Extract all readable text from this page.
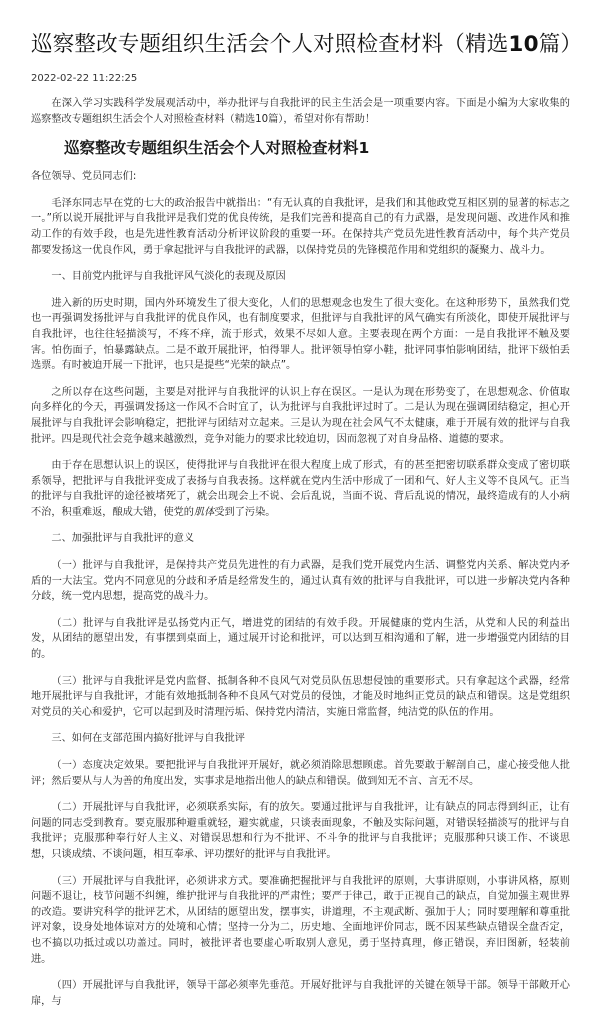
巡察整改专题组织生活会个人对照检查材料（精选10篇）
2022-02-22 11:22:25

在深入学习实践科学发展观活动中，举办批评与自我批评的民主生活会是一项重要内容。下面是小编为大家收集的巡察整改专题组织生活会个人对照检查材料（精选10篇），希望对你有帮助！

巡察整改专题组织生活会个人对照检查材料1

各位领导、党员同志们:

毛泽东同志早在党的七大的政治报告中就指出：“有无认真的自我批评，是我们和其他政党互相区别的显著的标志之一。”所以说开展批评与自我批评是我们党的优良传统，是我们完善和提高自己的有力武器，是发现问题、改进作风和推动工作的有效手段，也是先进性教育活动分析评议阶段的重要一环。在保持共产党员先进性教育活动中，每个共产党员都要发扬这一优良作风，勇于拿起批评与自我批评的武器，以保持党员的先锋模范作用和党组织的凝聚力、战斗力。

一、目前党内批评与自我批评风气淡化的表现及原因

进入新的历史时期，国内外环境发生了很大变化，人们的思想观念也发生了很大变化。在这种形势下，虽然我们党也一再强调发扬批评与自我批评的优良作风，也有制度要求，但批评与自我批评的风气确实有所淡化，即使开展批评与自我批评，也往往轻描淡写，不疼不痒，流于形式，效果不尽如人意。主要表现在两个方面：一是自我批评不触及要害。怕伤面子，怕暴露缺点。二是不敢开展批评，怕得罪人。批评领导怕穿小鞋，批评同事怕影响团结，批评下级怕丢选票。有时被迫开展一下批评，也只是提些“光荣的缺点”。

之所以存在这些问题，主要是对批评与自我批评的认识上存在误区。一是认为现在形势变了，在思想观念、价值取向多样化的今天，再强调发扬这一作风不合时宜了，认为批评与自我批评过时了。二是认为现在强调团结稳定，担心开展批评与自我批评会影响稳定，把批评与团结对立起来。三是认为现在社会风气不太健康，难于开展有效的批评与自我批评。四是现代社会竞争越来越激烈，竞争对能力的要求比较迫切，因而忽视了对自身品格、道德的要求。

由于存在思想认识上的误区，使得批评与自我批评在很大程度上成了形式，有的甚至把密切联系群众变成了密切联系领导，把批评与自我批评变成了表扬与自我表扬。这样就在党内生活中形成了一团和气、好人主义等不良风气。正当的批评与自我批评的途径被堵死了，就会出现会上不说、会后乱说，当面不说、背后乱说的情况，最终造成有的人小病不治，积重难返，酿成大错，使党的肌体受到了污染。

二、加强批评与自我批评的意义

（一）批评与自我批评，是保持共产党员先进性的有力武器，是我们党开展党内生活、调整党内关系、解决党内矛盾的一大法宝。党内不同意见的分歧和矛盾是经常发生的，通过认真有效的批评与自我批评，可以进一步解决党内各种分歧，统一党内思想，提高党的战斗力。

（二）批评与自我批评是弘扬党内正气，增进党的团结的有效手段。开展健康的党内生活，从党和人民的利益出发，从团结的愿望出发，有事摆到桌面上，通过展开讨论和批评，可以达到互相沟通和了解，进一步增强党内团结的目的。

（三）批评与自我批评是党内监督、抵制各种不良风气对党员队伍思想侵蚀的重要形式。只有拿起这个武器，经常地开展批评与自我批评，才能有效地抵制各种不良风气对党员的侵蚀，才能及时地纠正党员的缺点和错误。这是党组织对党员的关心和爱护，它可以起到及时清理污垢、保持党内清洁，实施日常监督，纯洁党的队伍的作用。

三、如何在支部范围内搞好批评与自我批评

（一）态度决定效果。要把批评与自我批评开展好，就必须消除思想顾虑。首先要敢于解剖自己，虚心接受他人批评；然后要从与人为善的角度出发，实事求是地指出他人的缺点和错误。做到知无不言、言无不尽。

（二）开展批评与自我批评，必须联系实际，有的放矢。要通过批评与自我批评，让有缺点的同志得到纠正，让有问题的同志受到教育。要克服那种避重就轻，避实就虚，只谈表面现象，不触及实际问题，对错误轻描淡写的批评与自我批评；克服那种奉行好人主义、对错误思想和行为不批评、不斗争的批评与自我批评；克服那种只谈工作、不谈思想，只谈成绩、不谈问题，相互奉承、评功摆好的批评与自我批评。

（三）开展批评与自我批评，必须讲求方式。要准确把握批评与自我批评的原则，大事讲原则，小事讲风格，原则问题不退让，枝节问题不纠缠，维护批评与自我批评的严肃性；要严于律己，敢于正视自己的缺点，自觉加强主观世界的改造。要讲究科学的批评艺术，从团结的愿望出发，摆事实，讲道理，不主观武断、强加于人；同时要理解和尊重批评对象，设身处地体谅对方的处境和心情；坚持一分为二，历史地、全面地评价同志，既不因某些缺点错误全盘否定，也不搞以功抵过或以功盖过。同时，被批评者也要虚心听取别人意见，勇于坚持真理，修正错误，弃旧图新，轻装前进。

（四）开展批评与自我批评，领导干部必须率先垂范。开展好批评与自我批评的关键在领导干部。领导干部敞开心扉，与
